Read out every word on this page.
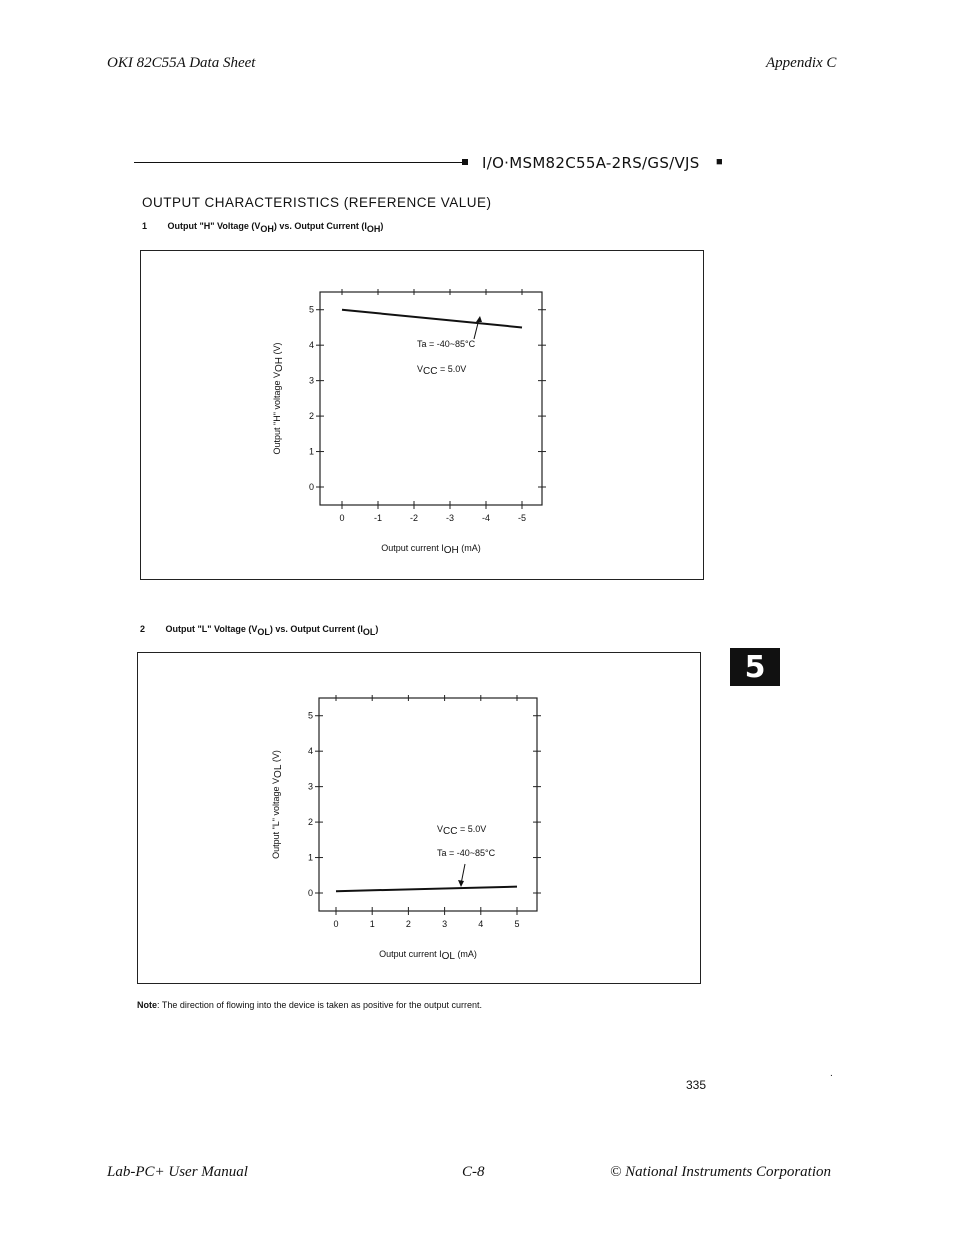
OKI 82C55A Data Sheet	Appendix C
I/O·MSM82C55A-2RS/GS/VJS ■
OUTPUT CHARACTERISTICS (REFERENCE VALUE)
1 Output "H" Voltage $(V_{OH})$ vs. Output Current $(I_{OH})$
0
1
2
3
4
5
0	-1	-2	-3	-4	-5
Output current IOH (mA)
Output "H" voltage VOH (V)	Ta = -40~85°C
VCC = 5.0V
2 Output "L" Voltage $(V_{OL})$ vs. Output Current $(I_{OL})$
0
1
2
3
4
5
0	1	2	3	4	5
Output current IOL (mA)
Output "L" voltage VOL (V)
VCC = 5.0V
Ta = -40~85°C
5
Note: The direction of flowing into the device is taken as positive for the output current.
335
.
Lab-PC+ User Manual	C-8	© National Instruments Corporation
